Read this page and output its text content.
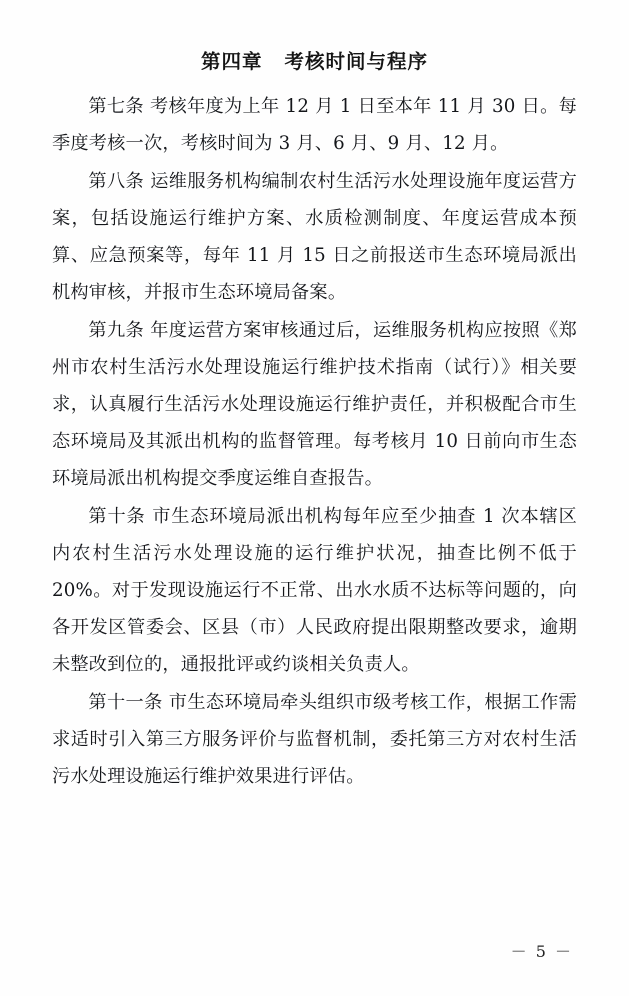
第四章 考核时间与程序

第七条 考核年度为上年 12 月 1 日至本年 11 月 30 日。每季度考核一次，考核时间为 3 月、6 月、9 月、12 月。

第八条 运维服务机构编制农村生活污水处理设施年度运营方案，包括设施运行维护方案、水质检测制度、年度运营成本预算、应急预案等，每年 11 月 15 日之前报送市生态环境局派出机构审核，并报市生态环境局备案。

第九条 年度运营方案审核通过后，运维服务机构应按照《郑州市农村生活污水处理设施运行维护技术指南（试行）》相关要求，认真履行生活污水处理设施运行维护责任，并积极配合市生态环境局及其派出机构的监督管理。每考核月 10 日前向市生态环境局派出机构提交季度运维自查报告。

第十条 市生态环境局派出机构每年应至少抽查 1 次本辖区内农村生活污水处理设施的运行维护状况，抽查比例不低于 20%。对于发现设施运行不正常、出水水质不达标等问题的，向各开发区管委会、区县（市）人民政府提出限期整改要求，逾期未整改到位的，通报批评或约谈相关负责人。

第十一条 市生态环境局牵头组织市级考核工作，根据工作需求适时引入第三方服务评价与监督机制，委托第三方对农村生活污水处理设施运行维护效果进行评估。

－ 5 －
